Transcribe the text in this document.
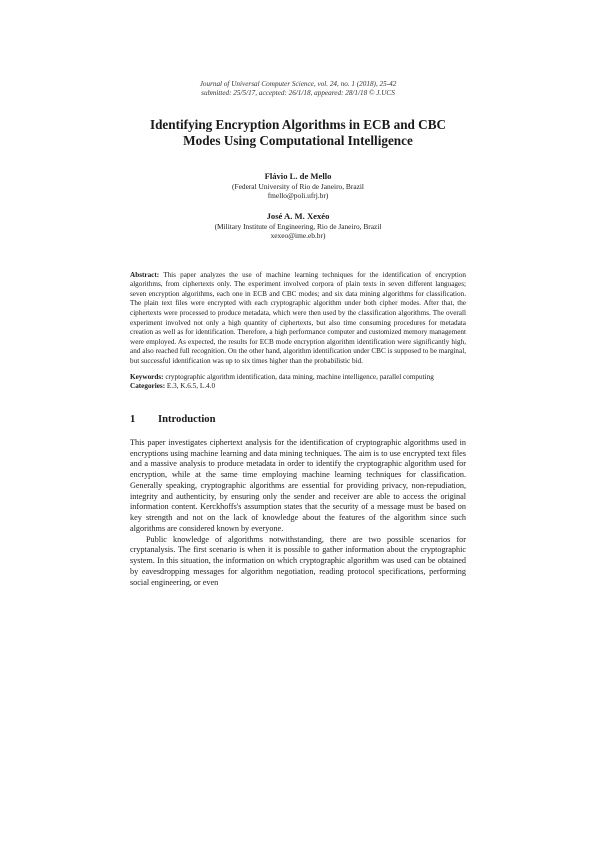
Journal of Universal Computer Science, vol. 24, no. 1 (2018), 25-42
submitted: 25/5/17, accepted: 26/1/18, appeared: 28/1/18 © J.UCS
Identifying Encryption Algorithms in ECB and CBC
Modes Using Computational Intelligence
Flávio L. de Mello
(Federal University of Rio de Janeiro, Brazil
fmello@poli.ufrj.br)
José A. M. Xexéo
(Military Institute of Engineering, Rio de Janeiro, Brazil
xexeo@ime.eb.br)
Abstract: This paper analyzes the use of machine learning techniques for the identification of encryption algorithms, from ciphertexts only. The experiment involved corpora of plain texts in seven different languages; seven encryption algorithms, each one in ECB and CBC modes; and six data mining algorithms for classification. The plain text files were encrypted with each cryptographic algorithm under both cipher modes. After that, the ciphertexts were processed to produce metadata, which were then used by the classification algorithms. The overall experiment involved not only a high quantity of ciphertexts, but also time consuming procedures for metadata creation as well as for identification. Therefore, a high performance computer and customized memory management were employed. As expected, the results for ECB mode encryption algorithm identification were significantly high, and also reached full recognition. On the other hand, algorithm identification under CBC is supposed to be marginal, but successful identification was up to six times higher than the probabilistic bid.
Keywords: cryptographic algorithm identification, data mining, machine intelligence, parallel computing
Categories: E.3, K.6.5, L.4.0
1	Introduction

This paper investigates ciphertext analysis for the identification of cryptographic algorithms used in encryptions using machine learning and data mining techniques. The aim is to use encrypted text files and a massive analysis to produce metadata in order to identify the cryptographic algorithm used for encryption, while at the same time employing machine learning techniques for classification. Generally speaking, cryptographic algorithms are essential for providing privacy, non-repudiation, integrity and authenticity, by ensuring only the sender and receiver are able to access the original information content. Kerckhoffs's assumption states that the security of a message must be based on key strength and not on the lack of knowledge about the features of the algorithm since such algorithms are considered known by everyone.

Public knowledge of algorithms notwithstanding, there are two possible scenarios for cryptanalysis. The first scenario is when it is possible to gather information about the cryptographic system. In this situation, the information on which cryptographic algorithm was used can be obtained by eavesdropping messages for algorithm negotiation, reading protocol specifications, performing social engineering, or even
